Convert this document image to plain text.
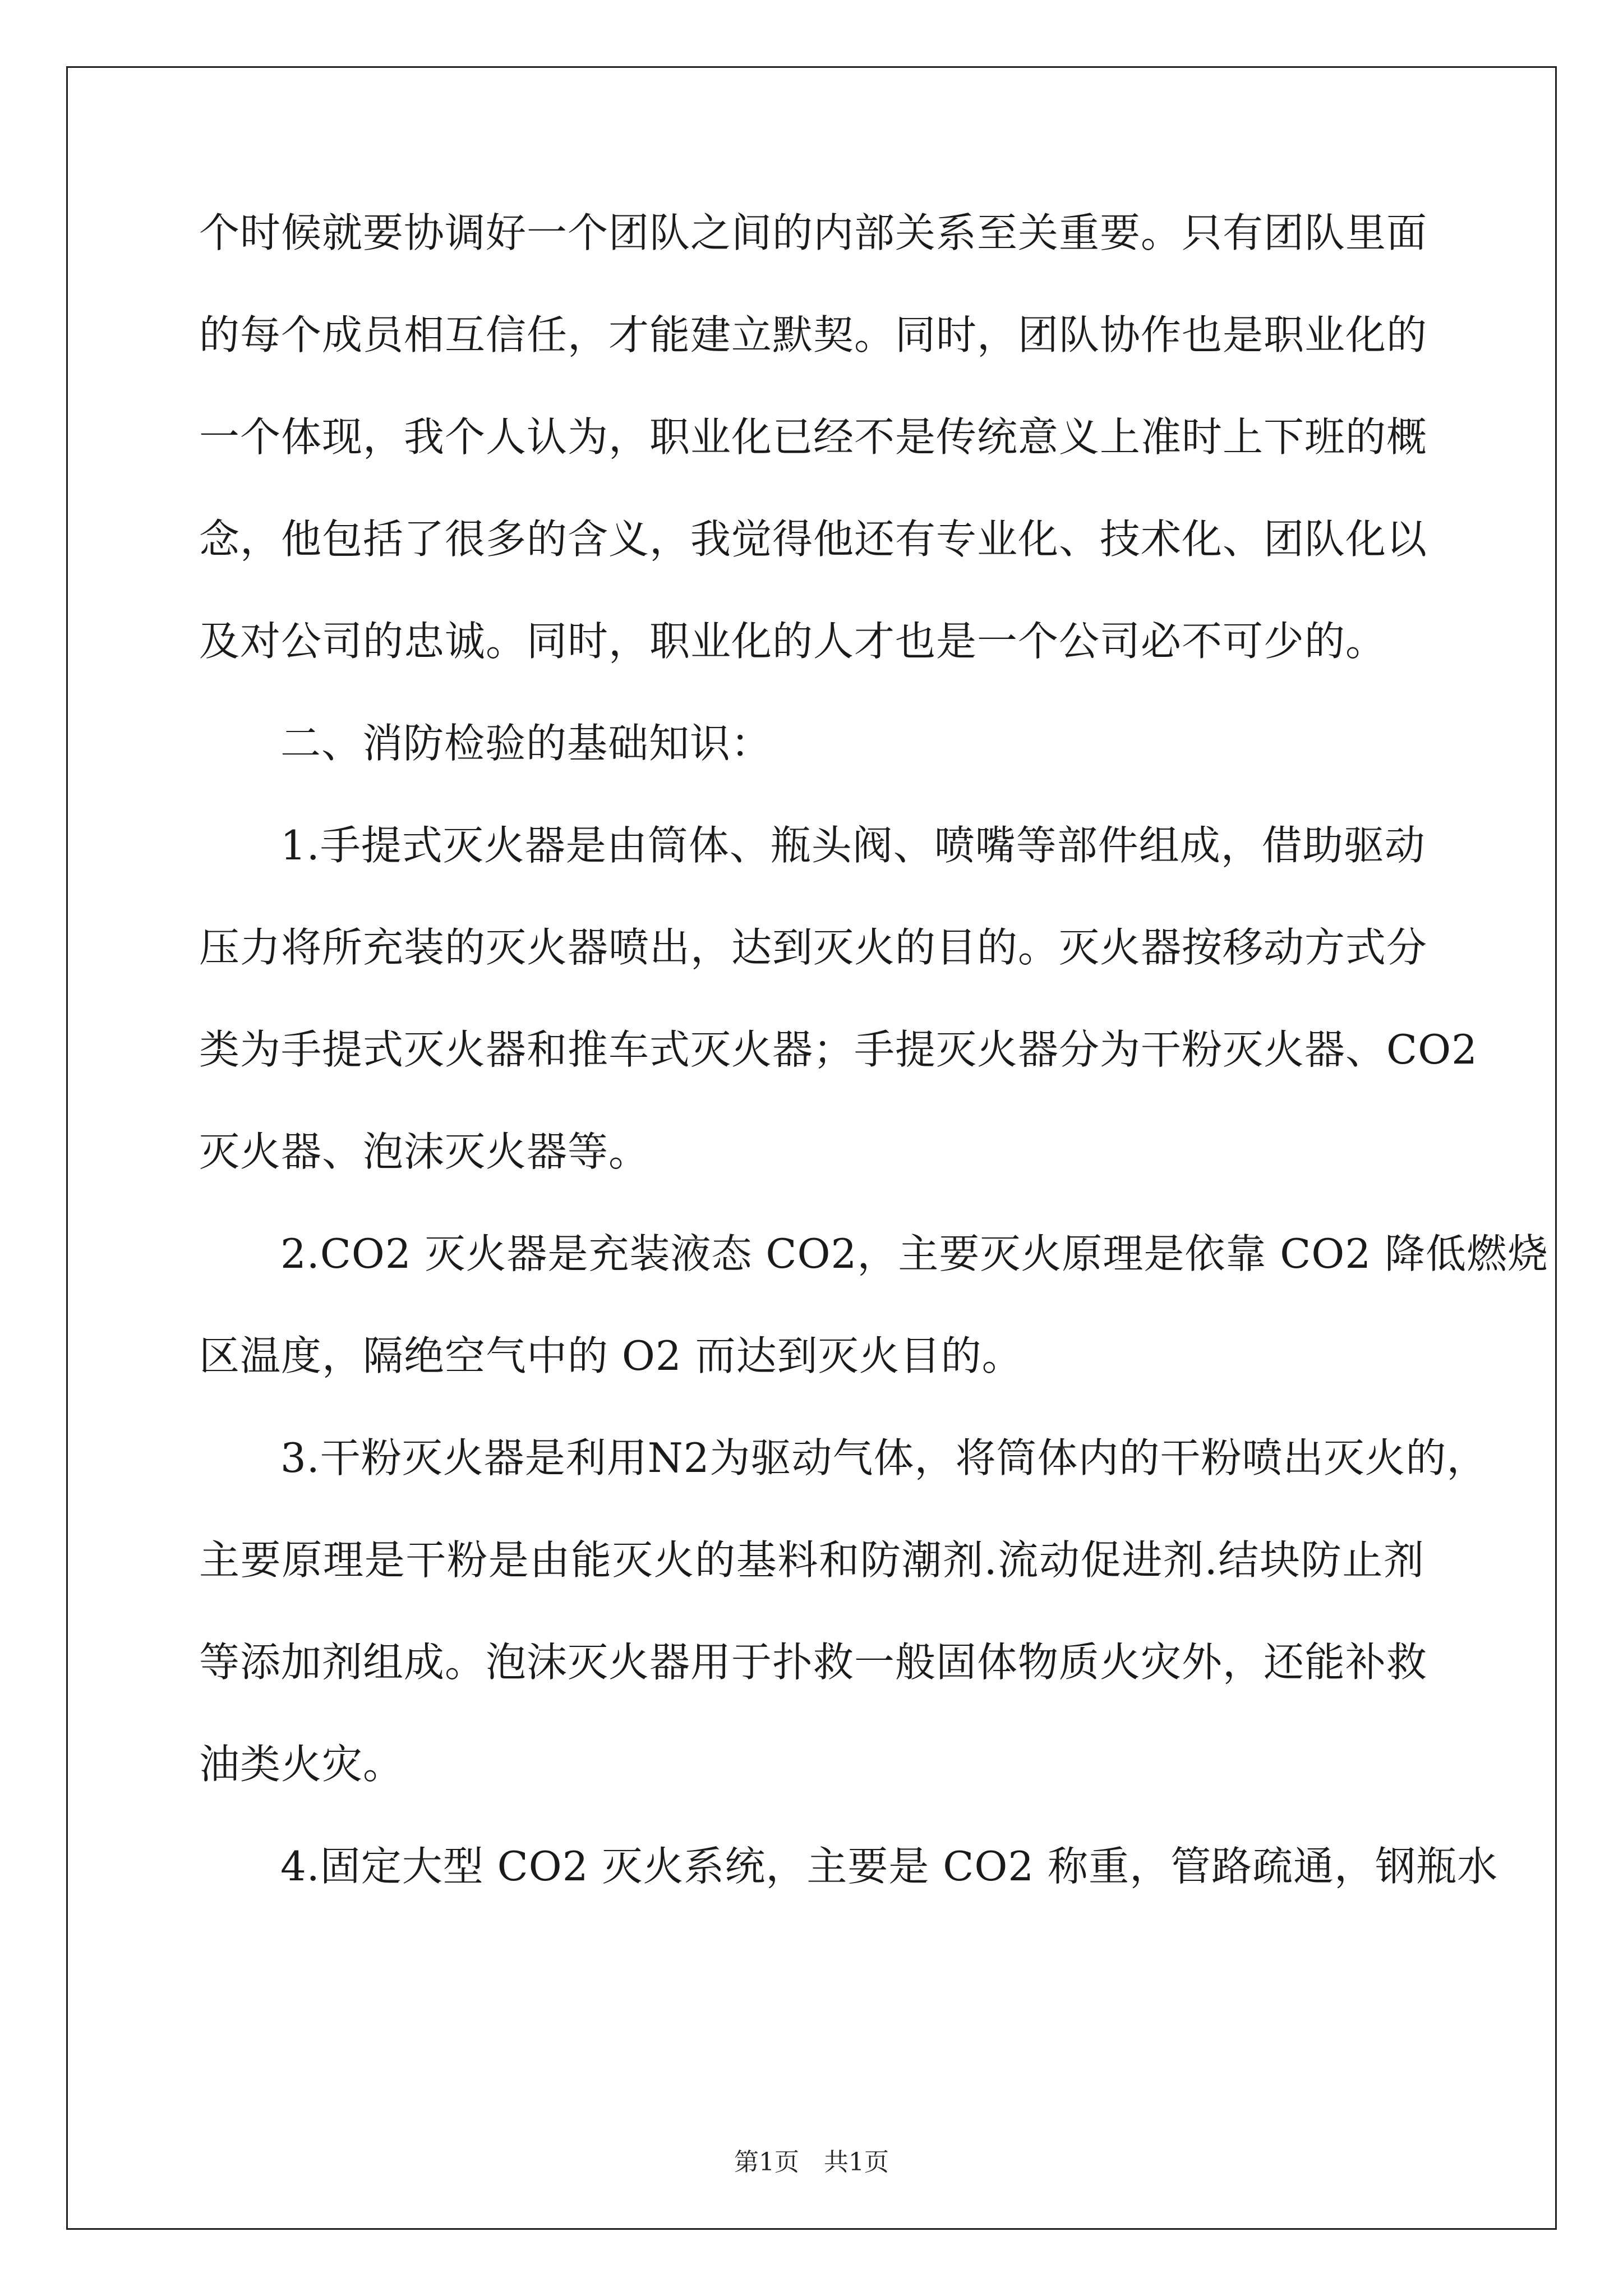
个时候就要协调好一个团队之间的内部关系至关重要。只有团队里面
的每个成员相互信任，才能建立默契。同时，团队协作也是职业化的
一个体现，我个人认为，职业化已经不是传统意义上准时上下班的概
念，他包括了很多的含义，我觉得他还有专业化、技术化、团队化以
及对公司的忠诚。同时，职业化的人才也是一个公司必不可少的。
二、消防检验的基础知识：
1.手提式灭火器是由筒体、瓶头阀、喷嘴等部件组成，借助驱动
压力将所充装的灭火器喷出，达到灭火的目的。灭火器按移动方式分
类为手提式灭火器和推车式灭火器；手提灭火器分为干粉灭火器、CO2
灭火器、泡沫灭火器等。
2.CO2 灭火器是充装液态 CO2，主要灭火原理是依靠 CO2 降低燃烧
区温度，隔绝空气中的 O2 而达到灭火目的。
3.干粉灭火器是利用N2为驱动气体，将筒体内的干粉喷出灭火的，
主要原理是干粉是由能灭火的基料和防潮剂.流动促进剂.结块防止剂
等添加剂组成。泡沫灭火器用于扑救一般固体物质火灾外，还能补救
油类火灾。
4.固定大型 CO2 灭火系统，主要是 CO2 称重，管路疏通，钢瓶水
第1页　共1页
